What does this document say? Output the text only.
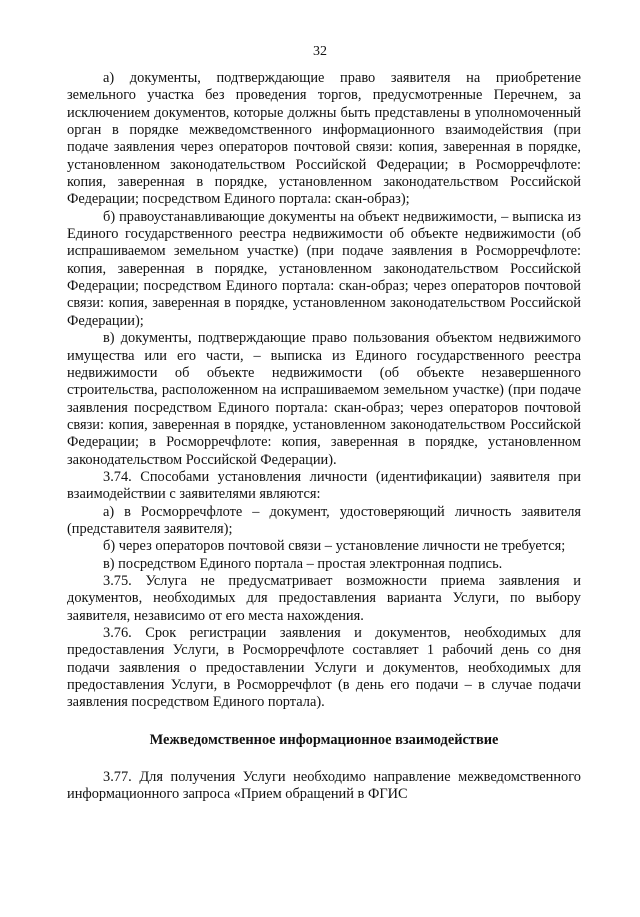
32

а) документы, подтверждающие право заявителя на приобретение земельного участка без проведения торгов, предусмотренные Перечнем, за исключением документов, которые должны быть представлены в уполномоченный орган в порядке межведомственного информационного взаимодействия (при подаче заявления через операторов почтовой связи: копия, заверенная в порядке, установленном законодательством Российской Федерации; в Росморречфлоте: копия, заверенная в порядке, установленном законодательством Российской Федерации; посредством Единого портала: скан-образ);

б) правоустанавливающие документы на объект недвижимости, – выписка из Единого государственного реестра недвижимости об объекте недвижимости (об испрашиваемом земельном участке) (при подаче заявления в Росморречфлоте: копия, заверенная в порядке, установленном законодательством Российской Федерации; посредством Единого портала: скан-образ; через операторов почтовой связи: копия, заверенная в порядке, установленном законодательством Российской Федерации);

в) документы, подтверждающие право пользования объектом недвижимого имущества или его части, – выписка из Единого государственного реестра недвижимости об объекте недвижимости (об объекте незавершенного строительства, расположенном на испрашиваемом земельном участке) (при подаче заявления посредством Единого портала: скан-образ; через операторов почтовой связи: копия, заверенная в порядке, установленном законодательством Российской Федерации; в Росморречфлоте: копия, заверенная в порядке, установленном законодательством Российской Федерации).

3.74. Способами установления личности (идентификации) заявителя при взаимодействии с заявителями являются:

а) в Росморречфлоте – документ, удостоверяющий личность заявителя (представителя заявителя);

б) через операторов почтовой связи – установление личности не требуется;

в) посредством Единого портала – простая электронная подпись.

3.75. Услуга не предусматривает возможности приема заявления и документов, необходимых для предоставления варианта Услуги, по выбору заявителя, независимо от его места нахождения.

3.76. Срок регистрации заявления и документов, необходимых для предоставления Услуги, в Росморречфлоте составляет 1 рабочий день со дня подачи заявления о предоставлении Услуги и документов, необходимых для предоставления Услуги, в Росморречфлот (в день его подачи – в случае подачи заявления посредством Единого портала).

Межведомственное информационное взаимодействие

3.77. Для получения Услуги необходимо направление межведомственного информационного запроса «Прием обращений в ФГИС
